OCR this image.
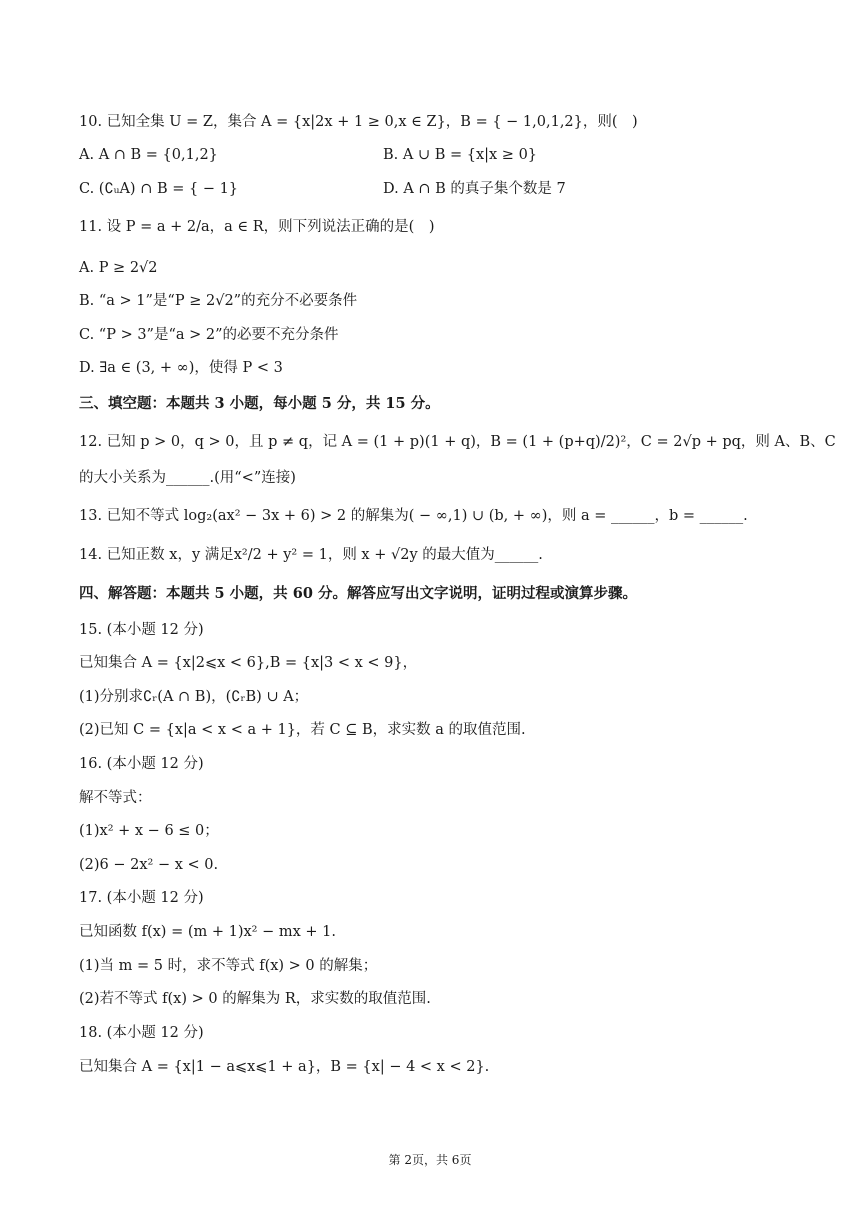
10. 已知全集 U = Z，集合 A = {x|2x + 1 ≥ 0,x ∈ Z}，B = { − 1,0,1,2}，则(　)
A. A ∩ B = {0,1,2}	B. A ∪ B = {x|x ≥ 0}
C. (∁ᵤA) ∩ B = { − 1}	D. A ∩ B 的真子集个数是 7
11. 设 P = a + 2/a，a ∈ R，则下列说法正确的是(　)
A. P ≥ 2√2
B. “a > 1”是“P ≥ 2√2”的充分不必要条件
C. “P > 3”是“a > 2”的必要不充分条件
D. ∃a ∈ (3, + ∞)，使得 P < 3
三、填空题：本题共 3 小题，每小题 5 分，共 15 分。
12. 已知 p > 0，q > 0，且 p ≠ q，记 A = (1 + p)(1 + q)，B = (1 + (p+q)/2)²，C = 2√p + pq，则 A、B、C
的大小关系为______.(用“<”连接)
13. 已知不等式 log₂(ax² − 3x + 6) > 2 的解集为( − ∞,1) ∪ (b, + ∞)，则 a = ______，b = ______.
14. 已知正数 x，y 满足x²/2 + y² = 1，则 x + √2y 的最大值为______.
四、解答题：本题共 5 小题，共 60 分。解答应写出文字说明，证明过程或演算步骤。
15. (本小题 12 分)
已知集合 A = {x|2⩽x < 6},B = {x|3 < x < 9}，
(1)分别求∁ᵣ(A ∩ B)，(∁ᵣB) ∪ A；
(2)已知 C = {x|a < x < a + 1}，若 C ⊆ B，求实数 a 的取值范围.
16. (本小题 12 分)
解不等式：
(1)x² + x − 6 ≤ 0；
(2)6 − 2x² − x < 0.
17. (本小题 12 分)
已知函数 f(x) = (m + 1)x² − mx + 1.
(1)当 m = 5 时，求不等式 f(x) > 0 的解集；
(2)若不等式 f(x) > 0 的解集为 R，求实数的取值范围.
18. (本小题 12 分)
已知集合 A = {x|1 − a⩽x⩽1 + a}，B = {x| − 4 < x < 2}.
第 2页，共 6页
